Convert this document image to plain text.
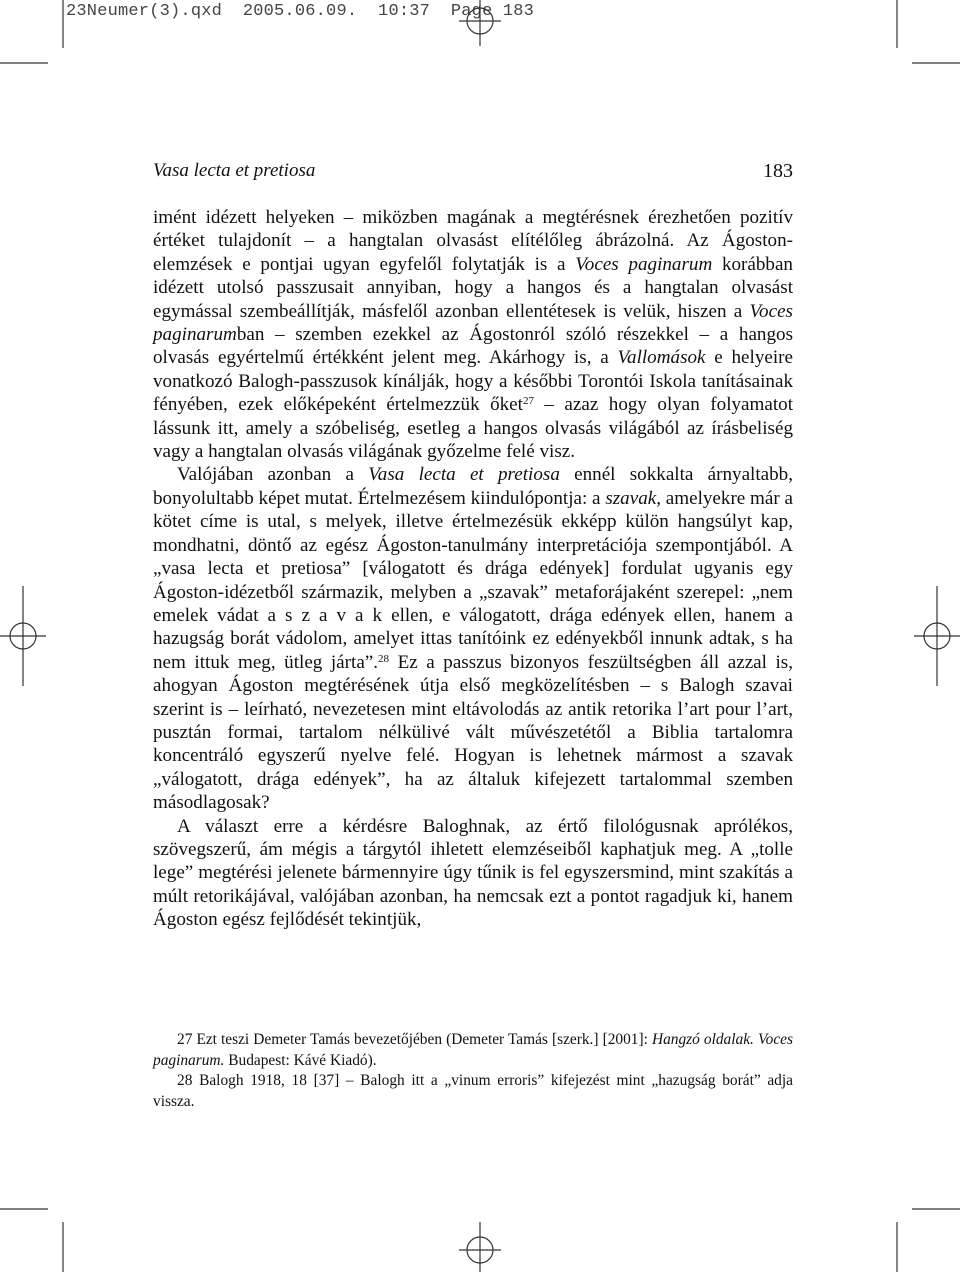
23Neumer(3).qxd  2005.06.09.  10:37  Page 183
Vasa lecta et pretiosa	183

imént idézett helyeken – miközben magának a megtérésnek érezhetően pozitív értéket tulajdonít – a hangtalan olvasást elítélőleg ábrázolná. Az Ágoston-elemzések e pontjai ugyan egyfelől folytatják is a Voces paginarum korábban idézett utolsó passzusait annyiban, hogy a hangos és a hangtalan olvasást egymással szembeállítják, másfelől azonban ellentétesek is velük, hiszen a Voces paginarumban – szemben ezekkel az Ágostonról szóló részekkel – a hangos olvasás egyértelmű értékként jelent meg. Akárhogy is, a Vallomások e helyeire vonatkozó Balogh-passzusok kínálják, hogy a későbbi Torontói Iskola tanításainak fényében, ezek előképeként értelmezzük őket$^{27}$ – azaz hogy olyan folyamatot lássunk itt, amely a szóbeliség, esetleg a hangos olvasás világából az írásbeliség vagy a hangtalan olvasás világának győzelme felé visz.

Valójában azonban a Vasa lecta et pretiosa ennél sokkalta árnyaltabb, bonyolultabb képet mutat. Értelmezésem kiindulópontja: a szavak, amelyekre már a kötet címe is utal, s melyek, illetve értelmezésük ekképp külön hangsúlyt kap, mondhatni, döntő az egész Ágoston-tanulmány interpretációja szempontjából. A „vasa lecta et pretiosa” [válogatott és drága edények] fordulat ugyanis egy Ágoston-idézetből származik, melyben a „szavak” metaforájaként szerepel: „nem emelek vádat a s z a v a k ellen, e válogatott, drága edények ellen, hanem a hazugság borát vádolom, amelyet ittas tanítóink ez edényekből innunk adtak, s ha nem ittuk meg, ütleg járta”.$^{28}$ Ez a passzus bizonyos feszültségben áll azzal is, ahogyan Ágoston megtérésének útja első megközelítésben – s Balogh szavai szerint is – leírható, nevezetesen mint eltávolodás az antik retorika l’art pour l’art, pusztán formai, tartalom nélkülivé vált művészetétől a Biblia tartalomra koncentráló egyszerű nyelve felé. Hogyan is lehetnek mármost a szavak „válogatott, drága edények”, ha az általuk kifejezett tartalommal szemben másodlagosak?

A választ erre a kérdésre Baloghnak, az értő filológusnak aprólékos, szövegszerű, ám mégis a tárgytól ihletett elemzéseiből kaphatjuk meg. A „tolle lege” megtérési jelenete bármennyire úgy tűnik is fel egyszersmind, mint szakítás a múlt retorikájával, valójában azonban, ha nemcsak ezt a pontot ragadjuk ki, hanem Ágoston egész fejlődését tekintjük,

27 Ezt teszi Demeter Tamás bevezetőjében (Demeter Tamás [szerk.] [2001]: Hangzó oldalak. Voces paginarum. Budapest: Kávé Kiadó).

28 Balogh 1918, 18 [37] – Balogh itt a „vinum erroris” kifejezést mint „hazugság borát” adja vissza.
